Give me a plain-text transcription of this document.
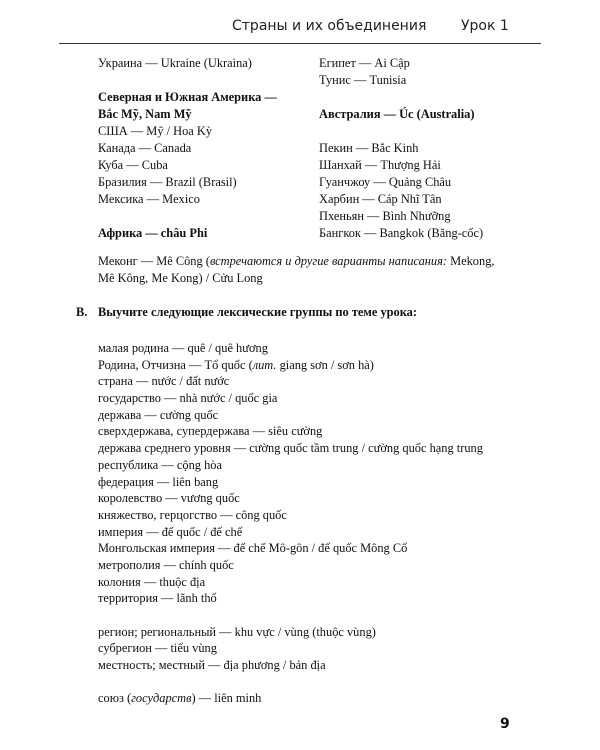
Страны и их объединения Урок 1
Украина — Ukraine (Ukraina)
Северная и Южная Америка —
Bắc Mỹ, Nam Mỹ
США — Mỹ / Hoa Kỳ
Канада — Canada
Куба — Cuba
Бразилия — Brazil (Brasil)
Мексика — Mexico
Африка — châu Phi
Египет — Ai Cập
Тунис — Tunisia
Австралия — Úc (Australia)
Пекин — Bắc Kinh
Шанхай — Thượng Hải
Гуанчжоу — Quảng Châu
Харбин — Cáp Nhĩ Tân
Пхеньян — Bình Nhưỡng
Бангкок — Bangkok (Băng-cốc)
Меконг — Mê Công (встречаются и другие варианты написания: Mekong,
Mê Kông, Me Kong) / Cửu Long
B. Выучите следующие лексические группы по теме урока:
малая родина — quê / quê hương
Родина, Отчизна — Tổ quốc (лит. giang sơn / sơn hà)
страна — nước / đất nước
государство — nhà nước / quốc gia
держава — cường quốc
сверхдержава, супердержава — siêu cường
держава среднего уровня — cường quốc tầm trung / cường quốc hạng trung
республика — cộng hòa
федерация — liên bang
королевство — vương quốc
княжество, герцогство — công quốc
империя — đế quốc / đế chế
Монгольская империя — đế chế Mô-gôn / đế quốc Mông Cổ
метрополия — chính quốc
колония — thuộc địa
территория — lãnh thổ
регион; региональный — khu vực / vùng (thuộc vùng)
субрегион — tiểu vùng
местность; местный — địa phương / bản địa
союз (государств) — liên minh
9
